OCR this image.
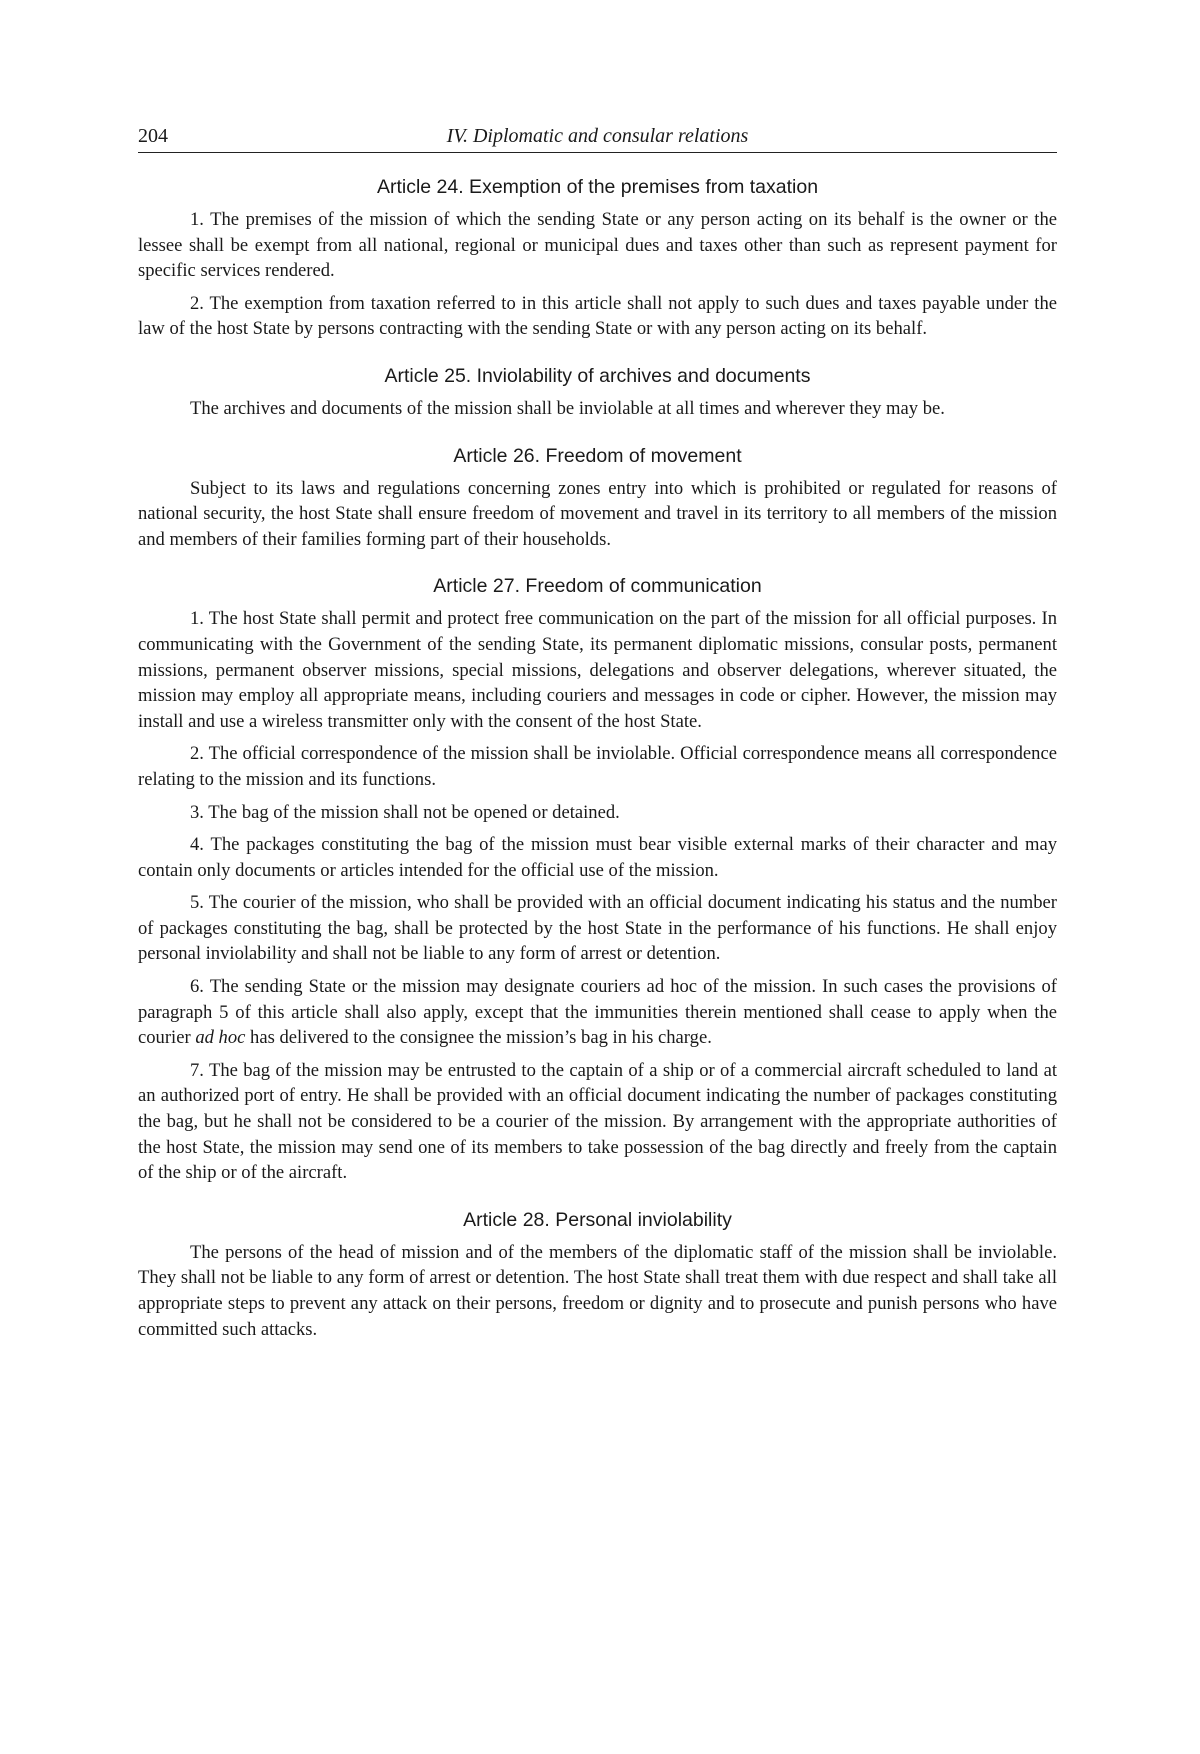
204	IV. Diplomatic and consular relations
Article 24. Exemption of the premises from taxation

1. The premises of the mission of which the sending State or any person acting on its behalf is the owner or the lessee shall be exempt from all national, regional or municipal dues and taxes other than such as represent payment for specific services rendered.

2. The exemption from taxation referred to in this article shall not apply to such dues and taxes payable under the law of the host State by persons contracting with the sending State or with any person acting on its behalf.

Article 25. Inviolability of archives and documents

The archives and documents of the mission shall be inviolable at all times and wherever they may be.

Article 26. Freedom of movement

Subject to its laws and regulations concerning zones entry into which is prohibited or regulated for reasons of national security, the host State shall ensure freedom of movement and travel in its territory to all members of the mission and members of their families forming part of their households.

Article 27. Freedom of communication

1. The host State shall permit and protect free communication on the part of the mission for all official purposes. In communicating with the Government of the sending State, its permanent diplomatic missions, consular posts, permanent missions, permanent observer missions, special missions, delegations and observer delegations, wherever situated, the mission may employ all appropriate means, including couriers and messages in code or cipher. However, the mission may install and use a wireless transmitter only with the consent of the host State.

2. The official correspondence of the mission shall be inviolable. Official correspondence means all correspondence relating to the mission and its functions.

3. The bag of the mission shall not be opened or detained.

4. The packages constituting the bag of the mission must bear visible external marks of their character and may contain only documents or articles intended for the official use of the mission.

5. The courier of the mission, who shall be provided with an official document indicating his status and the number of packages constituting the bag, shall be protected by the host State in the performance of his functions. He shall enjoy personal inviolability and shall not be liable to any form of arrest or detention.

6. The sending State or the mission may designate couriers ad hoc of the mission. In such cases the provisions of paragraph 5 of this article shall also apply, except that the immunities therein mentioned shall cease to apply when the courier ad hoc has delivered to the consignee the mission’s bag in his charge.

7. The bag of the mission may be entrusted to the captain of a ship or of a commercial aircraft scheduled to land at an authorized port of entry. He shall be provided with an official document indicating the number of packages constituting the bag, but he shall not be considered to be a courier of the mission. By arrangement with the appropriate authorities of the host State, the mission may send one of its members to take possession of the bag directly and freely from the captain of the ship or of the aircraft.

Article 28. Personal inviolability

The persons of the head of mission and of the members of the diplomatic staff of the mission shall be inviolable. They shall not be liable to any form of arrest or detention. The host State shall treat them with due respect and shall take all appropriate steps to prevent any attack on their persons, freedom or dignity and to prosecute and punish persons who have committed such attacks.
